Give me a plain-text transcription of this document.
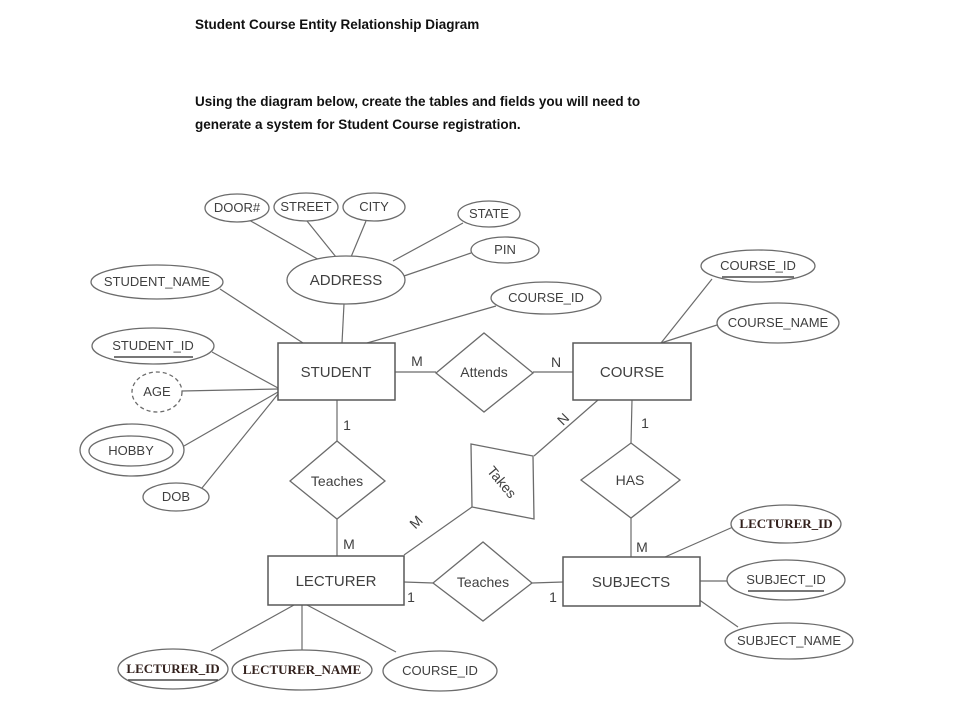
Student Course Entity Relationship Diagram
Using the diagram below, create the tables and fields you will need to
generate a system for Student Course registration.
DOOR# STREET CITY	STATE
PIN
ADDRESS
STUDENT_NAME
STUDENT_ID
AGE
HOBBY
DOB
COURSE_ID
COURSE_ID
COURSE_NAME
LECTURER_ID
SUBJECT_ID
SUBJECT_NAME
LECTURER_ID LECTURER_NAME	COURSE_ID
STUDENT	COURSE
LECTURER	SUBJECTS
Attends
Teaches	Takes	HAS
Teaches
M	N
1
M
N
M
1
M
1	1
